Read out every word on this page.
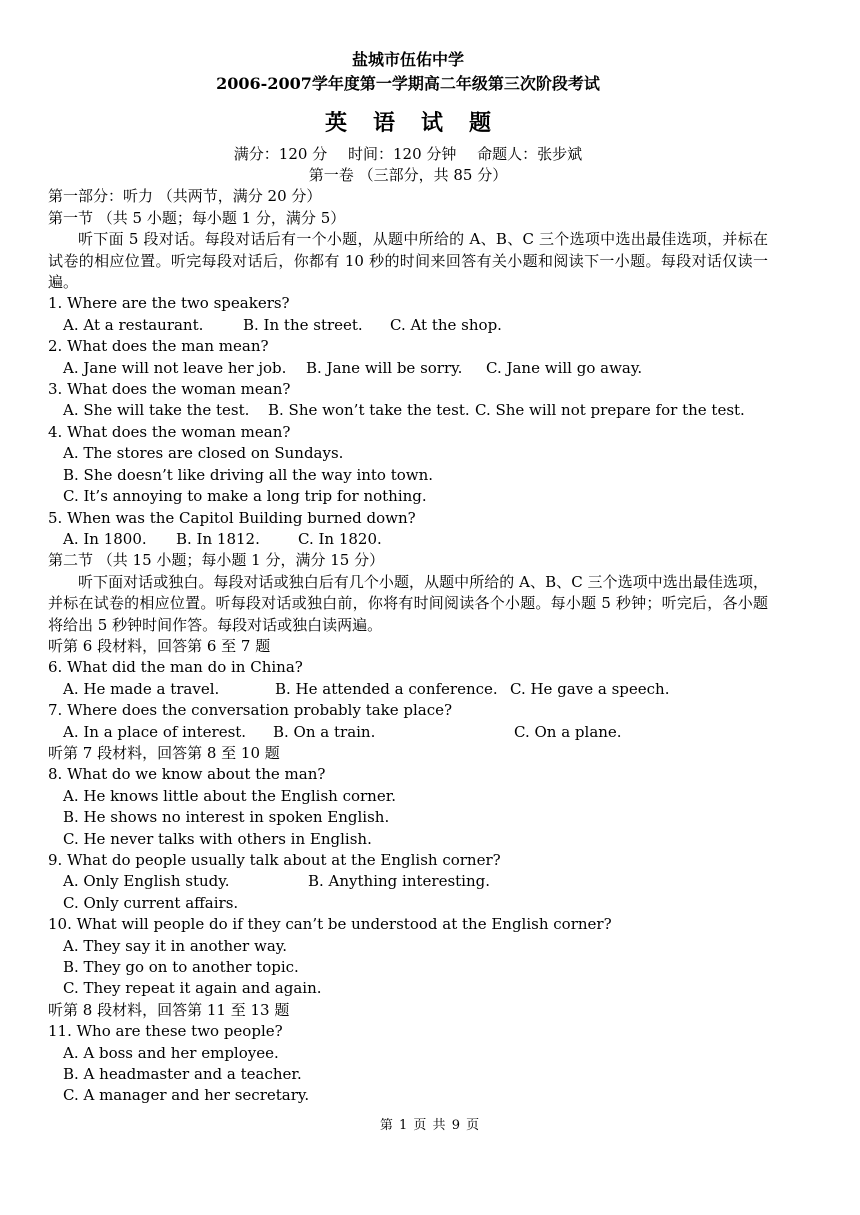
盐城市伍佑中学
2006-2007学年度第一学期高二年级第三次阶段考试
英语试题
满分：120 分 时间：120 分钟 命题人：张步斌
第一卷 （三部分，共 85 分）
第一部分：听力 （共两节，满分 20 分）
第一节 （共 5 小题；每小题 1 分，满分 5）
听下面 5 段对话。每段对话后有一个小题，从题中所给的 A、B、C 三个选项中选出最佳选项，并标在试卷的相应位置。听完每段对话后，你都有 10 秒的时间来回答有关小题和阅读下一小题。每段对话仅读一遍。
1. Where are the two speakers?
A. At a restaurant.	B. In the street. C. At the shop.
2. What does the man mean?
A. Jane will not leave her job. B. Jane will be sorry. C. Jane will go away.
3. What does the woman mean?
A. She will take the test. B. She won’t take the test. C. She will not prepare for the test.
4. What does the woman mean?
A. The stores are closed on Sundays.
B. She doesn’t like driving all the way into town.
C. It’s annoying to make a long trip for nothing.
5. When was the Capitol Building burned down?
A. In 1800. B. In 1812.	C. In 1820.
第二节 （共 15 小题；每小题 1 分，满分 15 分）
听下面对话或独白。每段对话或独白后有几个小题，从题中所给的 A、B、C 三个选项中选出最佳选项，并标在试卷的相应位置。听每段对话或独白前，你将有时间阅读各个小题。每小题 5 秒钟；听完后，各小题将给出 5 秒钟时间作答。每段对话或独白读两遍。
听第 6 段材料，回答第 6 至 7 题
6. What did the man do in China?
A. He made a travel.	B. He attended a conference. C. He gave a speech.
7. Where does the conversation probably take place?
A. In a place of interest. B. On a train.	C. On a plane.
听第 7 段材料，回答第 8 至 10 题
8. What do we know about the man?
A. He knows little about the English corner.
B. He shows no interest in spoken English.
C. He never talks with others in English.
9. What do people usually talk about at the English corner?
A. Only English study.	B. Anything interesting.
C. Only current affairs.
10. What will people do if they can’t be understood at the English corner?
A. They say it in another way.
B. They go on to another topic.
C. They repeat it again and again.
听第 8 段材料，回答第 11 至 13 题
11. Who are these two people?
A. A boss and her employee.
B. A headmaster and a teacher.
C. A manager and her secretary.
第 1 页 共 9 页
